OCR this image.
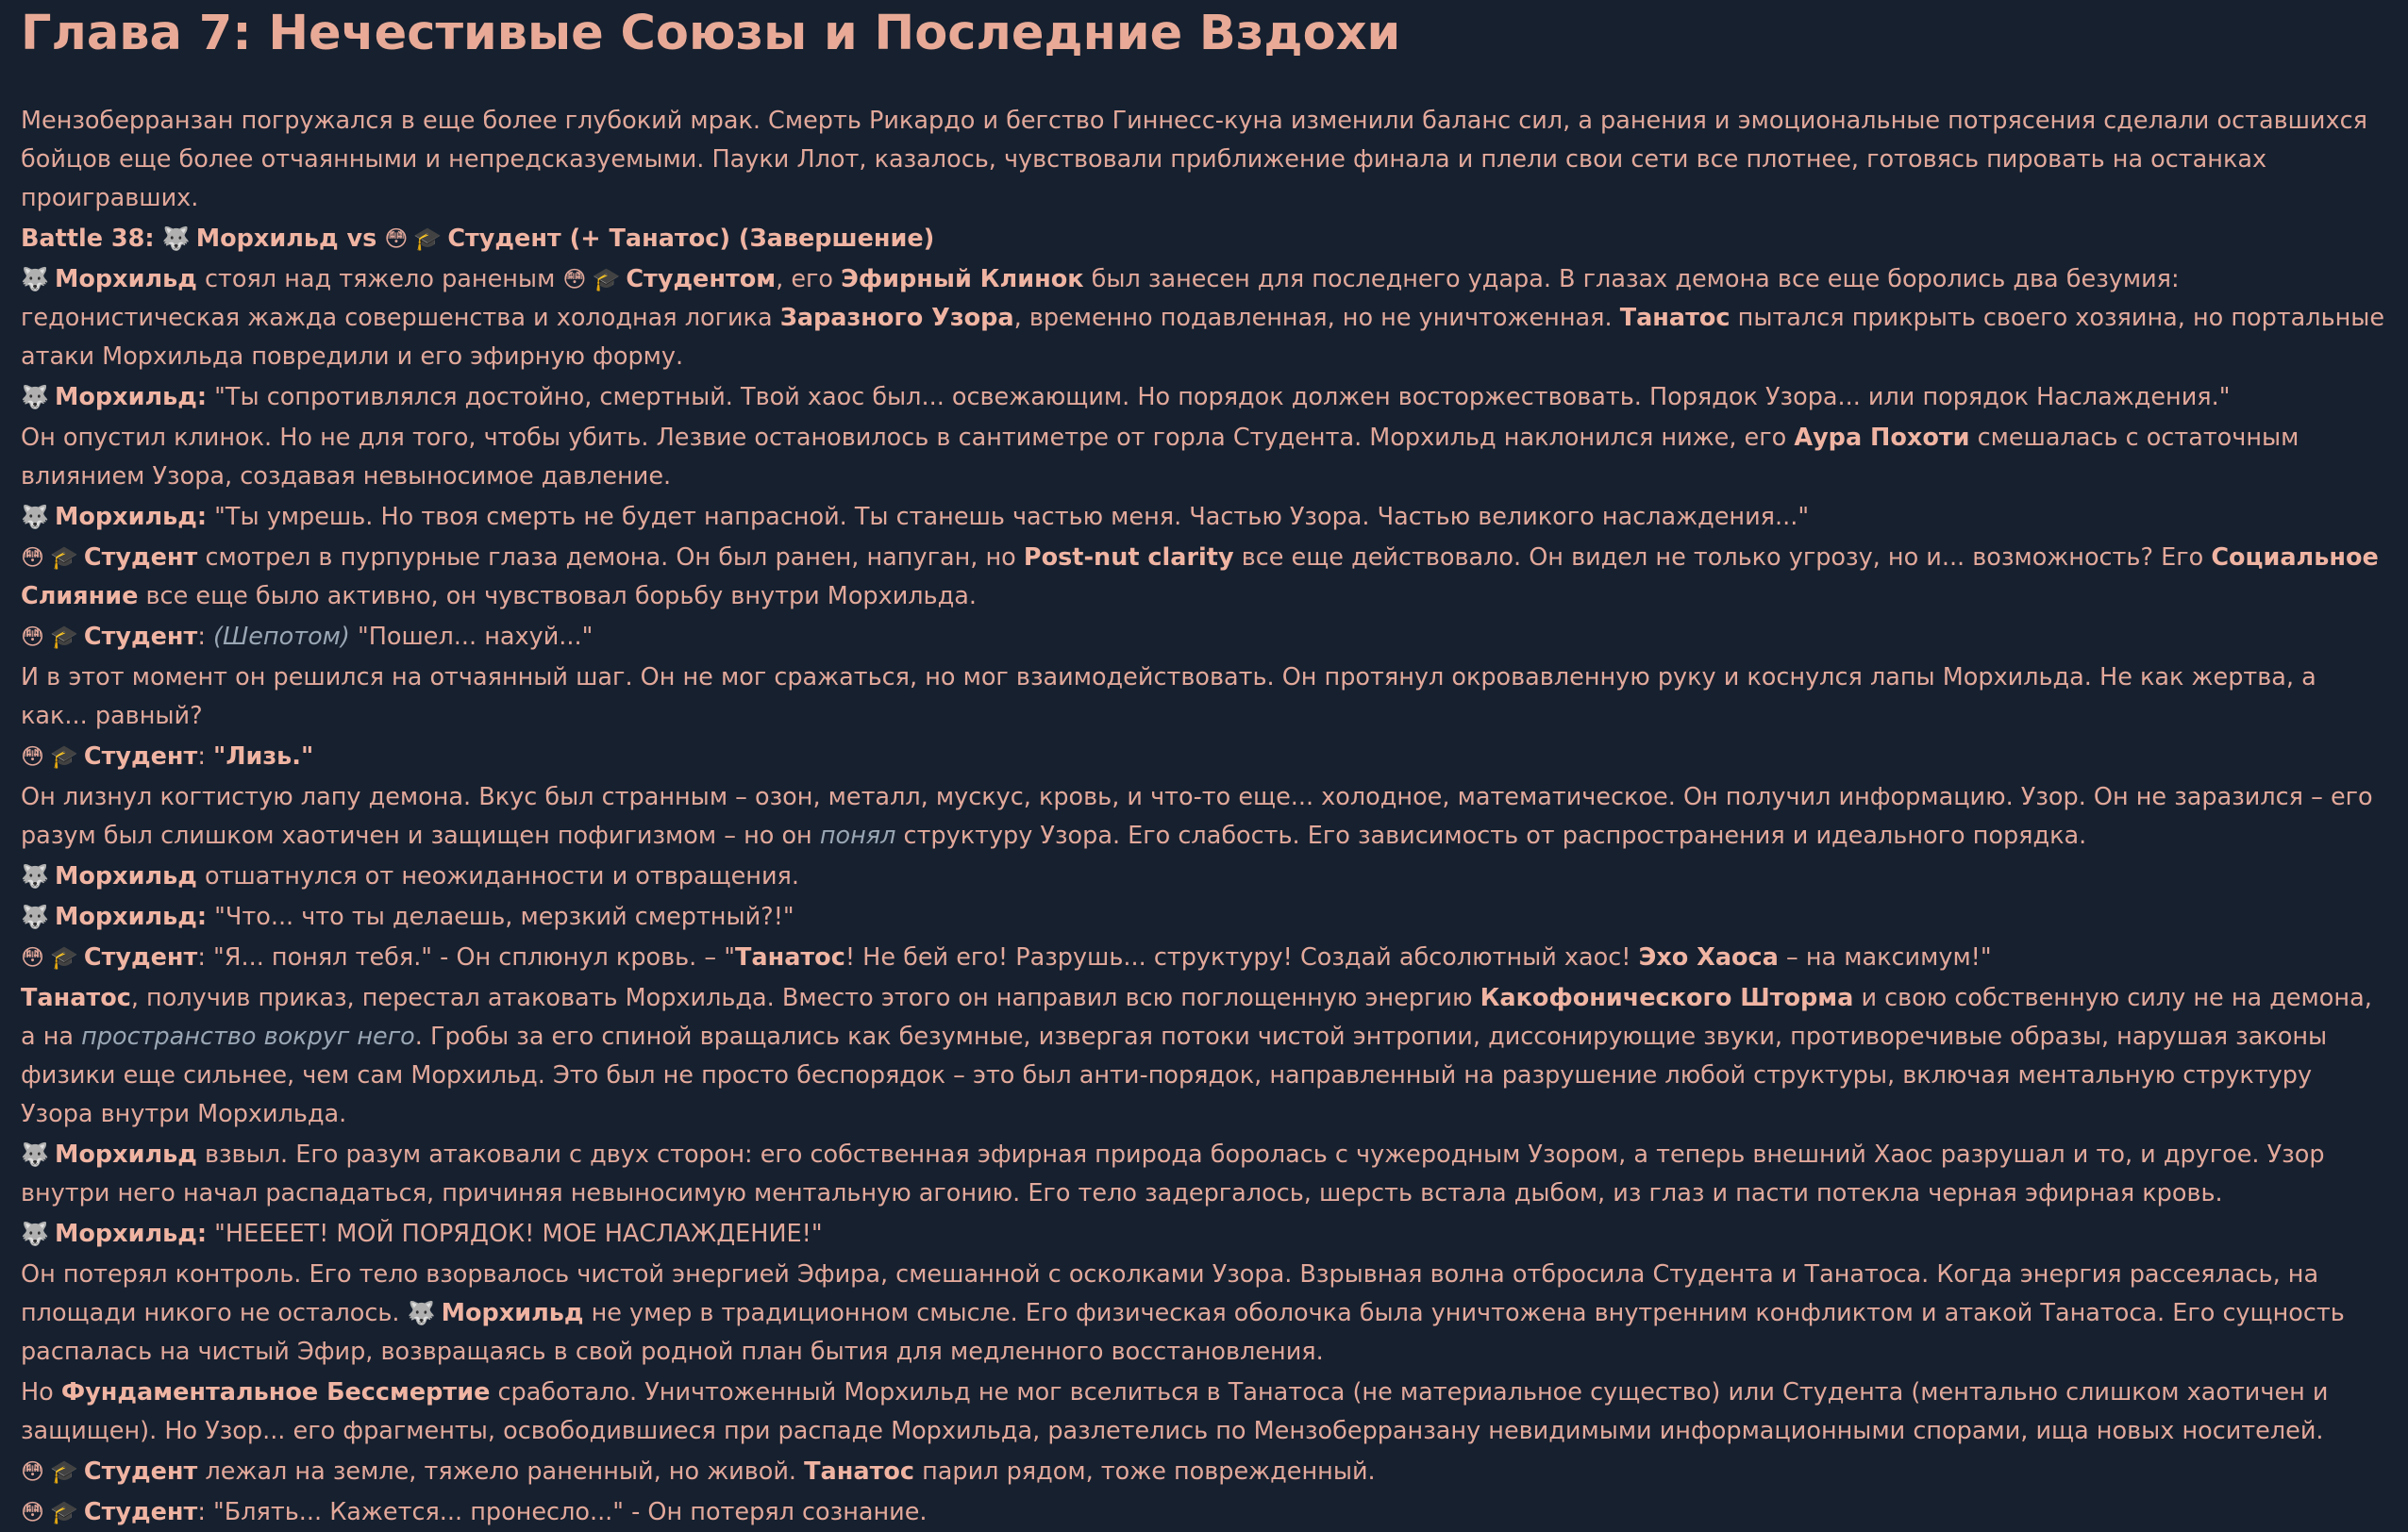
Глава 7: Нечестивые Союзы и Последние Вздохи
Мензоберранзан погружался в еще более глубокий мрак. Смерть Рикардо и бегство Гиннесс-куна изменили баланс сил, а ранения и эмоциональные потрясения сделали оставшихся бойцов еще более отчаянными и непредсказуемыми. Пауки Ллот, казалось, чувствовали приближение финала и плели свои сети все плотнее, готовясь пировать на останках проигравших.
Battle 38: 🐺 Морхильд vs 😳 🎓 Студент (+ Танатос) (Завершение)
🐺 Морхильд стоял над тяжело раненым 😳 🎓 Студентом, его Эфирный Клинок был занесен для последнего удара. В глазах демона все еще боролись два безумия: гедонистическая жажда совершенства и холодная логика Заразного Узора, временно подавленная, но не уничтоженная. Танатос пытался прикрыть своего хозяина, но портальные атаки Морхильда повредили и его эфирную форму.
🐺 Морхильд: "Ты сопротивлялся достойно, смертный. Твой хаос был... освежающим. Но порядок должен восторжествовать. Порядок Узора... или порядок Наслаждения."
Он опустил клинок. Но не для того, чтобы убить. Лезвие остановилось в сантиметре от горла Студента. Морхильд наклонился ниже, его Аура Похоти смешалась с остаточным влиянием Узора, создавая невыносимое давление.
🐺 Морхильд: "Ты умрешь. Но твоя смерть не будет напрасной. Ты станешь частью меня. Частью Узора. Частью великого наслаждения..."
😳 🎓 Студент смотрел в пурпурные глаза демона. Он был ранен, напуган, но Post-nut clarity все еще действовало. Он видел не только угрозу, но и... возможность? Его Социальное Слияние все еще было активно, он чувствовал борьбу внутри Морхильда.
😳 🎓 Студент: (Шепотом) "Пошел... нахуй..."
И в этот момент он решился на отчаянный шаг. Он не мог сражаться, но мог взаимодействовать. Он протянул окровавленную руку и коснулся лапы Морхильда. Не как жертва, а как... равный?
😳 🎓 Студент: "Лизь."
Он лизнул когтистую лапу демона. Вкус был странным – озон, металл, мускус, кровь, и что-то еще... холодное, математическое. Он получил информацию. Узор. Он не заразился – его разум был слишком хаотичен и защищен пофигизмом – но он понял структуру Узора. Его слабость. Его зависимость от распространения и идеального порядка.
🐺 Морхильд отшатнулся от неожиданности и отвращения.
🐺 Морхильд: "Что... что ты делаешь, мерзкий смертный?!"
😳 🎓 Студент: "Я... понял тебя." - Он сплюнул кровь. – "Танатос! Не бей его! Разрушь... структуру! Создай абсолютный хаос! Эхо Хаоса – на максимум!"
Танатос, получив приказ, перестал атаковать Морхильда. Вместо этого он направил всю поглощенную энергию Какофонического Шторма и свою собственную силу не на демона, а на пространство вокруг него. Гробы за его спиной вращались как безумные, извергая потоки чистой энтропии, диссонирующие звуки, противоречивые образы, нарушая законы физики еще сильнее, чем сам Морхильд. Это был не просто беспорядок – это был анти-порядок, направленный на разрушение любой структуры, включая ментальную структуру Узора внутри Морхильда.
🐺 Морхильд взвыл. Его разум атаковали с двух сторон: его собственная эфирная природа боролась с чужеродным Узором, а теперь внешний Хаос разрушал и то, и другое. Узор внутри него начал распадаться, причиняя невыносимую ментальную агонию. Его тело задергалось, шерсть встала дыбом, из глаз и пасти потекла черная эфирная кровь.
🐺 Морхильд: "НЕЕЕЕТ! МОЙ ПОРЯДОК! МОЕ НАСЛАЖДЕНИЕ!"
Он потерял контроль. Его тело взорвалось чистой энергией Эфира, смешанной с осколками Узора. Взрывная волна отбросила Студента и Танатоса. Когда энергия рассеялась, на площади никого не осталось. 🐺 Морхильд не умер в традиционном смысле. Его физическая оболочка была уничтожена внутренним конфликтом и атакой Танатоса. Его сущность распалась на чистый Эфир, возвращаясь в свой родной план бытия для медленного восстановления.
Но Фундаментальное Бессмертие сработало. Уничтоженный Морхильд не мог вселиться в Танатоса (не материальное существо) или Студента (ментально слишком хаотичен и защищен). Но Узор... его фрагменты, освободившиеся при распаде Морхильда, разлетелись по Мензоберранзану невидимыми информационными спорами, ища новых носителей.
😳 🎓 Студент лежал на земле, тяжело раненный, но живой. Танатос парил рядом, тоже поврежденный.
😳 🎓 Студент: "Блять... Кажется... пронесло..." - Он потерял сознание.
